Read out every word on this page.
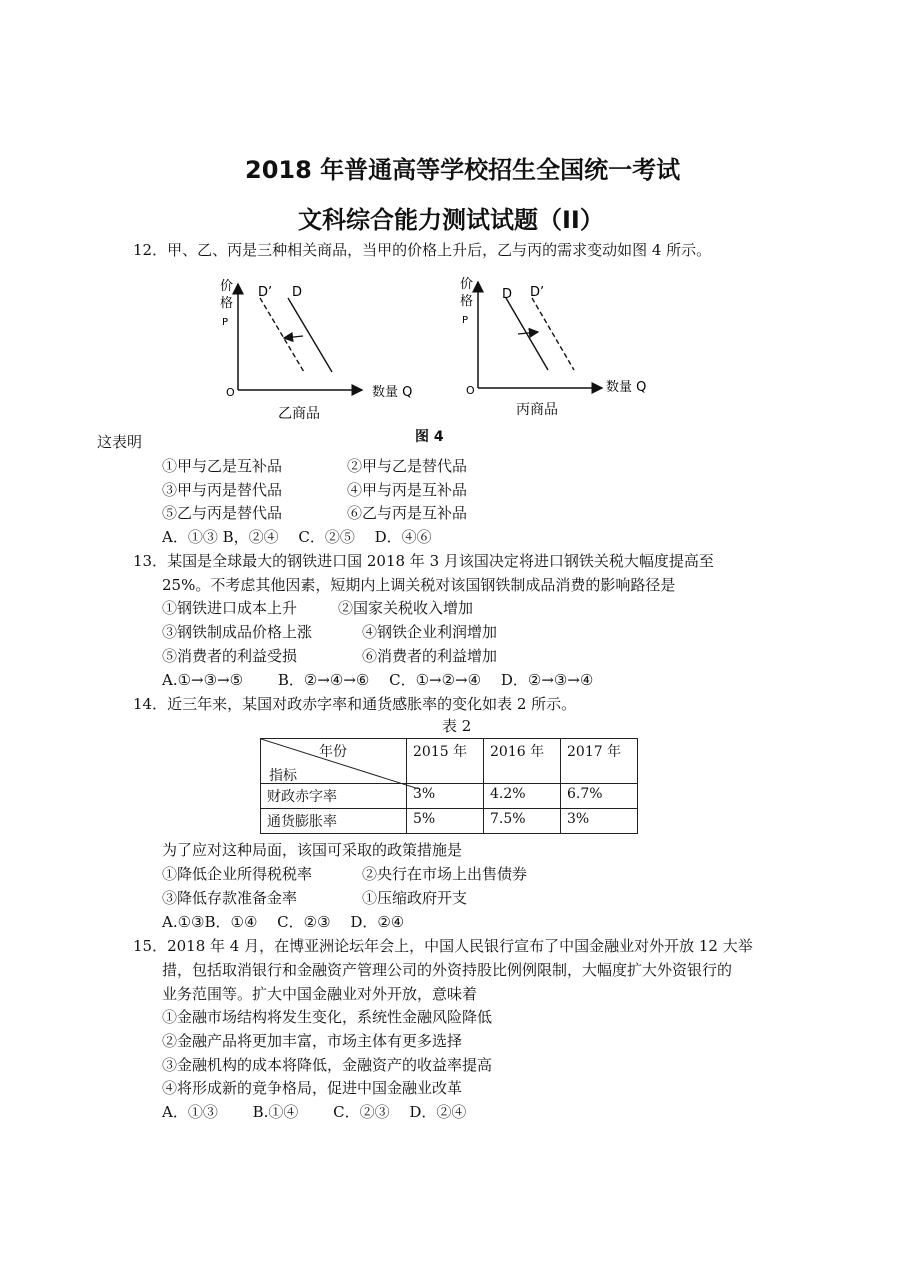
2018 年普通高等学校招生全国统一考试
文科综合能力测试试题（II）
12．甲、乙、丙是三种相关商品，当甲的价格上升后，乙与丙的需求变动如图 4 所示。
价
格
P
D’ D
O	数量 Q
乙商品
价
格
P
D D’
O	数量 Q
丙商品
图 4
这表明
①甲与乙是互补品	②甲与乙是替代品
③甲与丙是替代品	④甲与丙是互补品
⑤乙与丙是替代品	⑥乙与丙是互补品
A．①③ B，②④　 C．②⑤　 D．④⑥
13．某国是全球最大的钢铁进口国 2018 年 3 月该国决定将进口钢铁关税大幅度提高至
25%。不考虑其他因素，短期内上调关税对该国钢铁制成品消费的影响路径是
①钢铁进口成本上升	②国家关税收入增加
③钢铁制成品价格上涨	④钢铁企业利润增加
⑤消费者的利益受损	⑥消费者的利益增加
A.①→③→⑤　　 B．②→④→⑥　 C．①→②→④　 D．②→③→④
14．近三年来，某国对政赤字率和通货感胀率的变化如表 2 所示。
表 2
年份
指标	2015 年	2016 年	2017 年
财政赤字率	3%	4.2%	6.7%
通货膨胀率	5%	7.5%	3%
为了应对这种局面，该国可采取的政策措施是
①降低企业所得税税率	②央行在市场上出售债券
③降低存款准备金率	①压缩政府开支
A.①③B．①④　 C．②③　 D．②④
15．2018 年 4 月，在博亚洲论坛年会上，中国人民银行宣布了中国金融业对外开放 12 大举
措，包括取消银行和金融资产管理公司的外资持股比例例限制，大幅度扩大外资银行的
业务范围等。扩大中国金融业对外开放，意味着
①金融市场结构将发生变化，系统性金融风险降低
②金融产品将更加丰富，市场主体有更多选择
③金融机构的成本将降低，金融资产的收益率提高
④将形成新的竟争格局，促进中国金融业改革
A．①③　　 B.①④　　 C．②③　 D．②④
